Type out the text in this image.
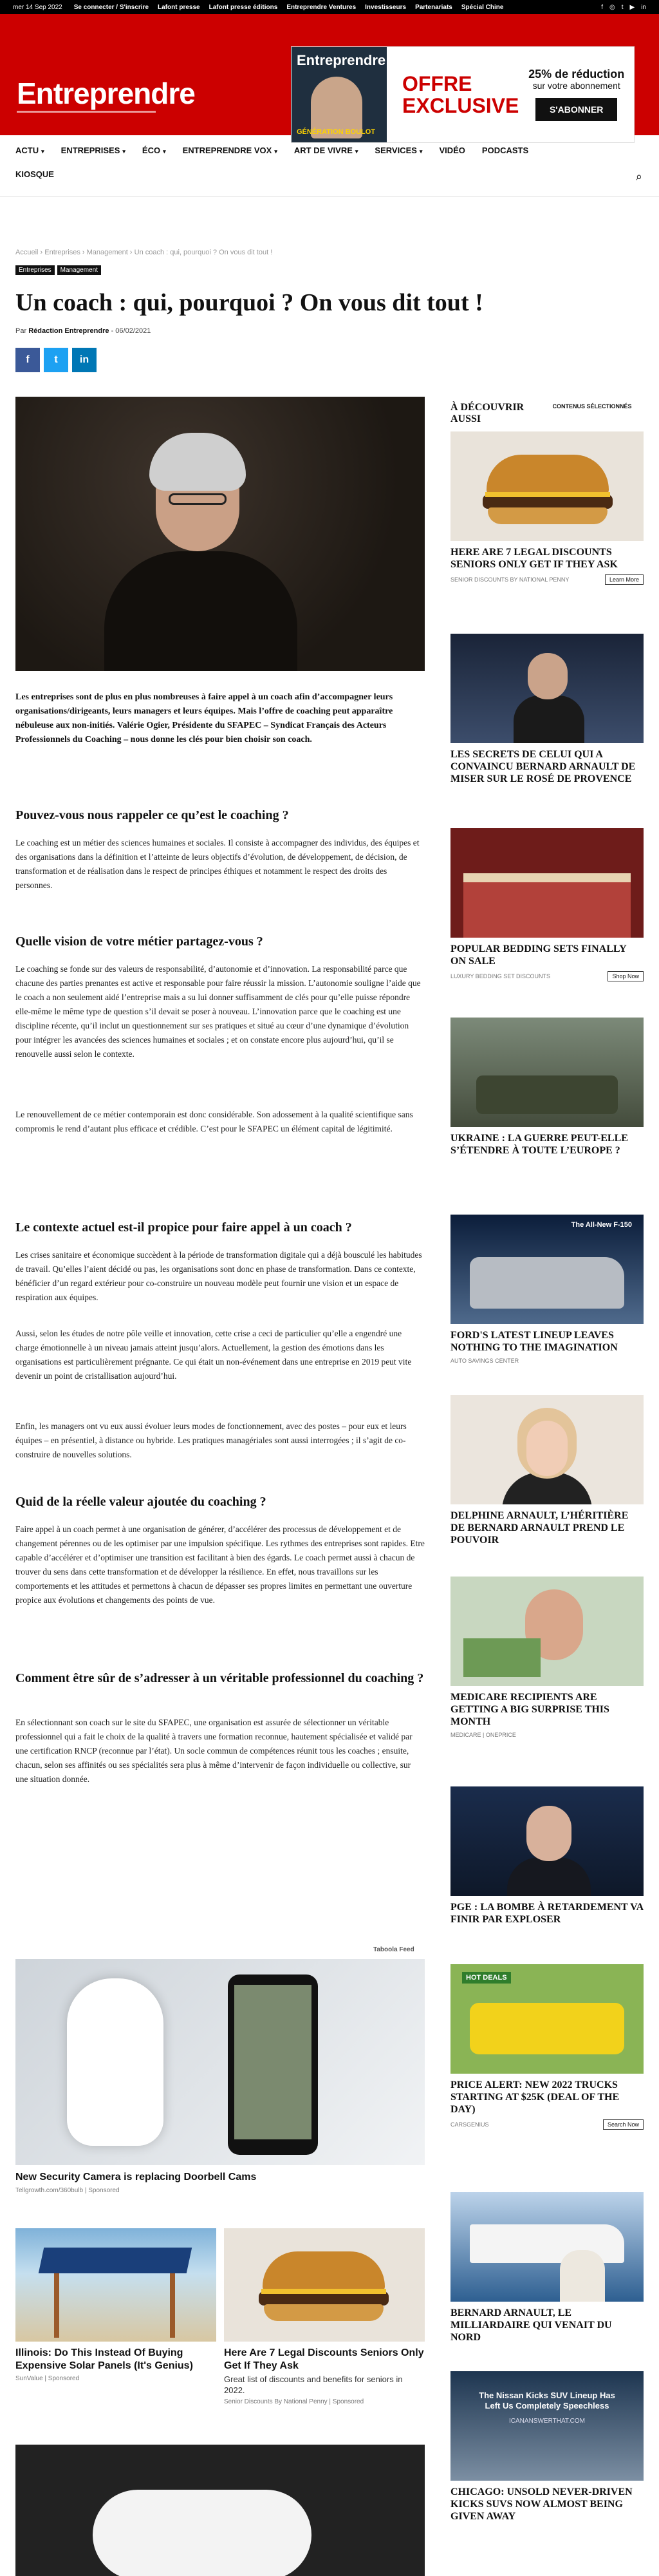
mer 14 Sep 2022 Se connecter / S'inscrire Lafont presse Lafont presse éditions Entreprendre Ventures Investisseurs Partenariats Spécial Chine	f ◎ t ▶ in
Entreprendre
Entreprendre
GÉNÉRATION BOULOT
OFFRE EXCLUSIVE
25% de réduction
sur votre abonnement
S'ABONNER
ACTU ▾ ENTREPRISES ▾ ÉCO ▾ ENTREPRENDRE VOX ▾ ART DE VIVRE ▾ SERVICES ▾ VIDÉO PODCASTS
KIOSQUE	⌕
Accueil › Entreprises › Management › Un coach : qui, pourquoi ? On vous dit tout !
Entreprises	Management
Un coach : qui, pourquoi ? On vous dit tout !
Par Rédaction Entreprendre - 06/02/2021
f	t	in
Les entreprises sont de plus en plus nombreuses à faire appel à un coach afin d’accompagner leurs organisations/dirigeants, leurs managers et leurs équipes. Mais l’offre de coaching peut apparaître nébuleuse aux non-initiés. Valérie Ogier, Présidente du SFAPEC – Syndicat Français des Acteurs Professionnels du Coaching – nous donne les clés pour bien choisir son coach.
Pouvez-vous nous rappeler ce qu’est le coaching ?
Le coaching est un métier des sciences humaines et sociales. Il consiste à accompagner des individus, des équipes et des organisations dans la définition et l’atteinte de leurs objectifs d’évolution, de développement, de décision, de transformation et de réalisation dans le respect de principes éthiques et notamment le respect des droits des personnes.
Quelle vision de votre métier partagez-vous ?
Le coaching se fonde sur des valeurs de responsabilité, d’autonomie et d’innovation. La responsabilité parce que chacune des parties prenantes est active et responsable pour faire réussir la mission. L’autonomie souligne l’aide que le coach a non seulement aidé l’entreprise mais a su lui donner suffisamment de clés pour qu’elle puisse répondre elle-même le même type de question s’il devait se poser à nouveau. L’innovation parce que le coaching est une discipline récente, qu’il inclut un questionnement sur ses pratiques et situé au cœur d’une dynamique d’évolution pour intégrer les avancées des sciences humaines et sociales ; et on constate encore plus aujourd’hui, qu’il se renouvelle aussi selon le contexte.
Le renouvellement de ce métier contemporain est donc considérable. Son adossement à la qualité scientifique sans compromis le rend d’autant plus efficace et crédible. C’est pour le SFAPEC un élément capital de légitimité.
Le contexte actuel est-il propice pour faire appel à un coach ?
Les crises sanitaire et économique succèdent à la période de transformation digitale qui a déjà bousculé les habitudes de travail. Qu’elles l’aient décidé ou pas, les organisations sont donc en phase de transformation. Dans ce contexte, bénéficier d’un regard extérieur pour co-construire un nouveau modèle peut fournir une vision et un espace de respiration aux équipes.
Aussi, selon les études de notre pôle veille et innovation, cette crise a ceci de particulier qu’elle a engendré une charge émotionnelle à un niveau jamais atteint jusqu’alors. Actuellement, la gestion des émotions dans les organisations est particulièrement prégnante. Ce qui était un non-événement dans une entreprise en 2019 peut vite devenir un point de cristallisation aujourd’hui.
Enfin, les managers ont vu eux aussi évoluer leurs modes de fonctionnement, avec des postes – pour eux et leurs équipes – en présentiel, à distance ou hybride. Les pratiques managériales sont aussi interrogées ; il s’agit de co-construire de nouvelles solutions.
Quid de la réelle valeur ajoutée du coaching ?
Faire appel à un coach permet à une organisation de générer, d’accélérer des processus de développement et de changement pérennes ou de les optimiser par une impulsion spécifique. Les rythmes des entreprises sont rapides. Etre capable d’accélérer et d’optimiser une transition est facilitant à bien des égards. Le coach permet aussi à chacun de trouver du sens dans cette transformation et de développer la résilience. En effet, nous travaillons sur les comportements et les attitudes et permettons à chacun de dépasser ses propres limites en permettant une ouverture propice aux évolutions et changements des points de vue.
Comment être sûr de s’adresser à un véritable professionnel du coaching ?
En sélectionnant son coach sur le site du SFAPEC, une organisation est assurée de sélectionner un véritable professionnel qui a fait le choix de la qualité à travers une formation reconnue, hautement spécialisée et validé par une certification RNCP (reconnue par l’état). Un socle commun de compétences réunit tous les coaches ; ensuite, chacun, selon ses affinités ou ses spécialités sera plus à même d’intervenir de façon individuelle ou collective, sur une situation donnée.
Taboola Feed
New Security Camera is replacing Doorbell Cams
Tellgrowth.com/360bulb | Sponsored
Illinois: Do This Instead Of Buying Expensive Solar Panels (It's Genius)
SunValue | Sponsored
Here Are 7 Legal Discounts Seniors Only Get If They Ask
Great list of discounts and benefits for seniors in 2022.
Senior Discounts By National Penny | Sponsored
À DÉCOUVRIR AUSSI
CONTENUS SÉLECTIONNÉS
HERE ARE 7 LEGAL DISCOUNTS SENIORS ONLY GET IF THEY ASK
SENIOR DISCOUNTS BY NATIONAL PENNY	Learn More
LES SECRETS DE CELUI QUI A CONVAINCU BERNARD ARNAULT DE MISER SUR LE ROSÉ DE PROVENCE
POPULAR BEDDING SETS FINALLY ON SALE
LUXURY BEDDING SET DISCOUNTS	Shop Now
UKRAINE : LA GUERRE PEUT-ELLE S’ÉTENDRE À TOUTE L’EUROPE ?
The All-New F-150
FORD'S LATEST LINEUP LEAVES NOTHING TO THE IMAGINATION
AUTO SAVINGS CENTER
DELPHINE ARNAULT, L’HÉRITIÈRE DE BERNARD ARNAULT PREND LE POUVOIR
MEDICARE RECIPIENTS ARE GETTING A BIG SURPRISE THIS MONTH
MEDICARE | ONEPRICE
PGE : LA BOMBE À RETARDEMENT VA FINIR PAR EXPLOSER
HOT DEALS
PRICE ALERT: NEW 2022 TRUCKS STARTING AT $25K (DEAL OF THE DAY)
CARSGENIUS	Search Now
BERNARD ARNAULT, LE MILLIARDAIRE QUI VENAIT DU NORD
The Nissan Kicks SUV Lineup Has Left Us Completely Speechless
ICANANSWERTHAT.COM
CHICAGO: UNSOLD NEVER-DRIVEN KICKS SUVS NOW ALMOST BEING GIVEN AWAY
